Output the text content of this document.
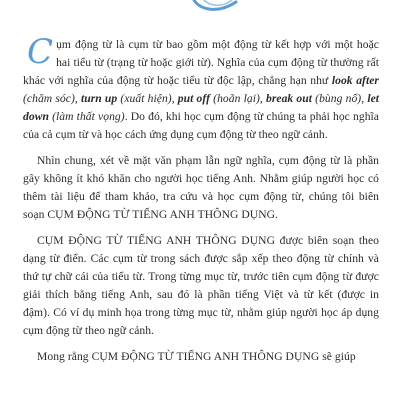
Cụm động từ là cụm từ bao gồm một động từ kết hợp với một hoặc hai tiểu từ (trạng từ hoặc giới từ). Nghĩa của cụm động từ thường rất khác với nghĩa của động từ hoặc tiểu từ độc lập, chẳng hạn như look after (chăm sóc), turn up (xuất hiện), put off (hoãn lại), break out (bùng nổ), let down (làm thất vọng). Do đó, khi học cụm động từ chúng ta phải học nghĩa của cả cụm từ và học cách ứng dụng cụm động từ theo ngữ cảnh.

Nhìn chung, xét về mặt văn phạm lẫn ngữ nghĩa, cụm động từ là phần gây không ít khó khăn cho người học tiếng Anh. Nhằm giúp người học có thêm tài liệu để tham khảo, tra cứu và học cụm động từ, chúng tôi biên soạn CỤM ĐỘNG TỪ TIẾNG ANH THÔNG DỤNG.

CỤM ĐỘNG TỪ TIẾNG ANH THÔNG DỤNG được biên soạn theo dạng từ điển. Các cụm từ trong sách được sắp xếp theo động từ chính và thứ tự chữ cái của tiểu từ. Trong từng mục từ, trước tiên cụm động từ được giải thích bằng tiếng Anh, sau đó là phần tiếng Việt và từ kết (được in đậm). Có ví dụ minh họa trong từng mục từ, nhằm giúp người học áp dụng cụm động từ theo ngữ cảnh.

Mong rằng CỤM ĐỘNG TỪ TIẾNG ANH THÔNG DỤNG sẽ giúp
